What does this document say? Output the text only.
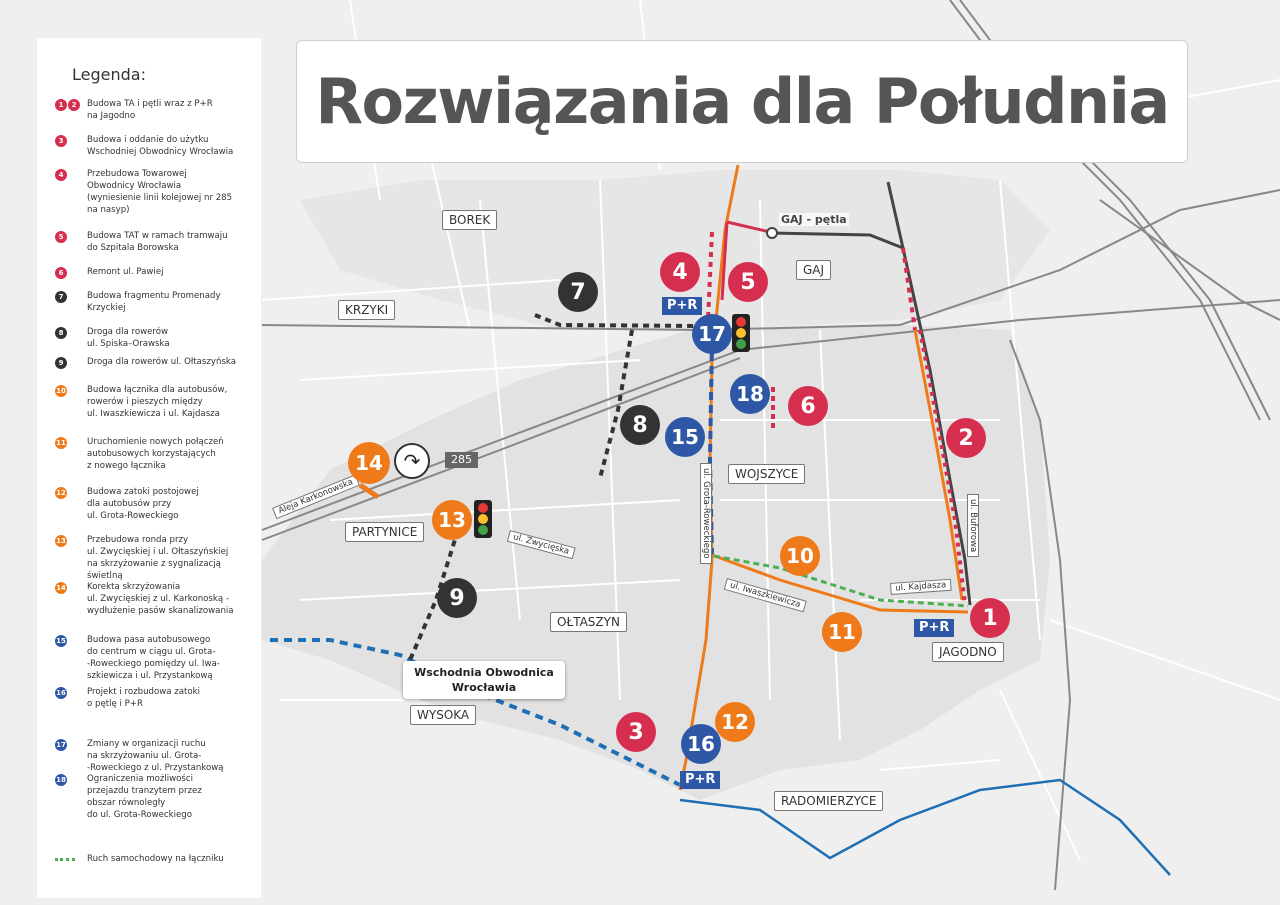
Legenda:
1	2	Budowa TA i pętli wraz z P+R
na Jagodno
3	Budowa i oddanie do użytku
Wschodniej Obwodnicy Wrocławia
4	Przebudowa Towarowej
Obwodnicy Wrocławia
(wyniesienie linii kolejowej nr 285
na nasyp)
5	Budowa TAT w ramach tramwaju
do Szpitala Borowska
6	Remont ul. Pawiej
7	Budowa fragmentu Promenady
Krzyckiej
8	Droga dla rowerów
ul. Spiska–Orawska
9	Droga dla rowerów ul. Ołtaszyńska
10 Budowa łącznika dla autobusów,
rowerów i pieszych między
ul. Iwaszkiewicza i ul. Kajdasza
11 Uruchomienie nowych połączeń
autobusowych korzystających
z nowego łącznika
12 Budowa zatoki postojowej
dla autobusów przy
ul. Grota-Roweckiego
13 Przebudowa ronda przy
ul. Zwycięskiej i ul. Ołtaszyńskiej
na skrzyżowanie z sygnalizacją
świetlną
14 Korekta skrzyżowania
ul. Zwycięskiej z ul. Karkonoską -
wydłużenie pasów skanalizowania
15 Budowa pasa autobusowego
do centrum w ciągu ul. Grota-
-Roweckiego pomiędzy ul. Iwa-
szkiewicza i ul. Przystankową
16 Projekt i rozbudowa zatoki
o pętlę i P+R
17 Zmiany w organizacji ruchu
na skrzyżowaniu ul. Grota-
-Roweckiego z ul. Przystankową
18 Ograniczenia możliwości
przejazdu tranzytem przez
obszar równoległy
do ul. Grota-Roweckiego
Ruch samochodowy na łączniku
Rozwiązania dla Południa
BOREK
GAJ
KRZYKI
WOJSZYCE
PARTYNICE
OŁTASZYN
JAGODNO
WYSOKA
RADOMIERZYCE
Aleja Karkonowska
ul. Zwycięska	ul. Grota-Roweckiego
ul. Iwaszkiewicza	ul. Kajdasza
ul. Buforowa
GAJ - pętla
285
↷
Wschodnia Obwodnica
Wrocławia
P+R
P+R
P+R
1
2
3
4	5
6
7
8
9
10
11
12
13
14
15
16
17
18
